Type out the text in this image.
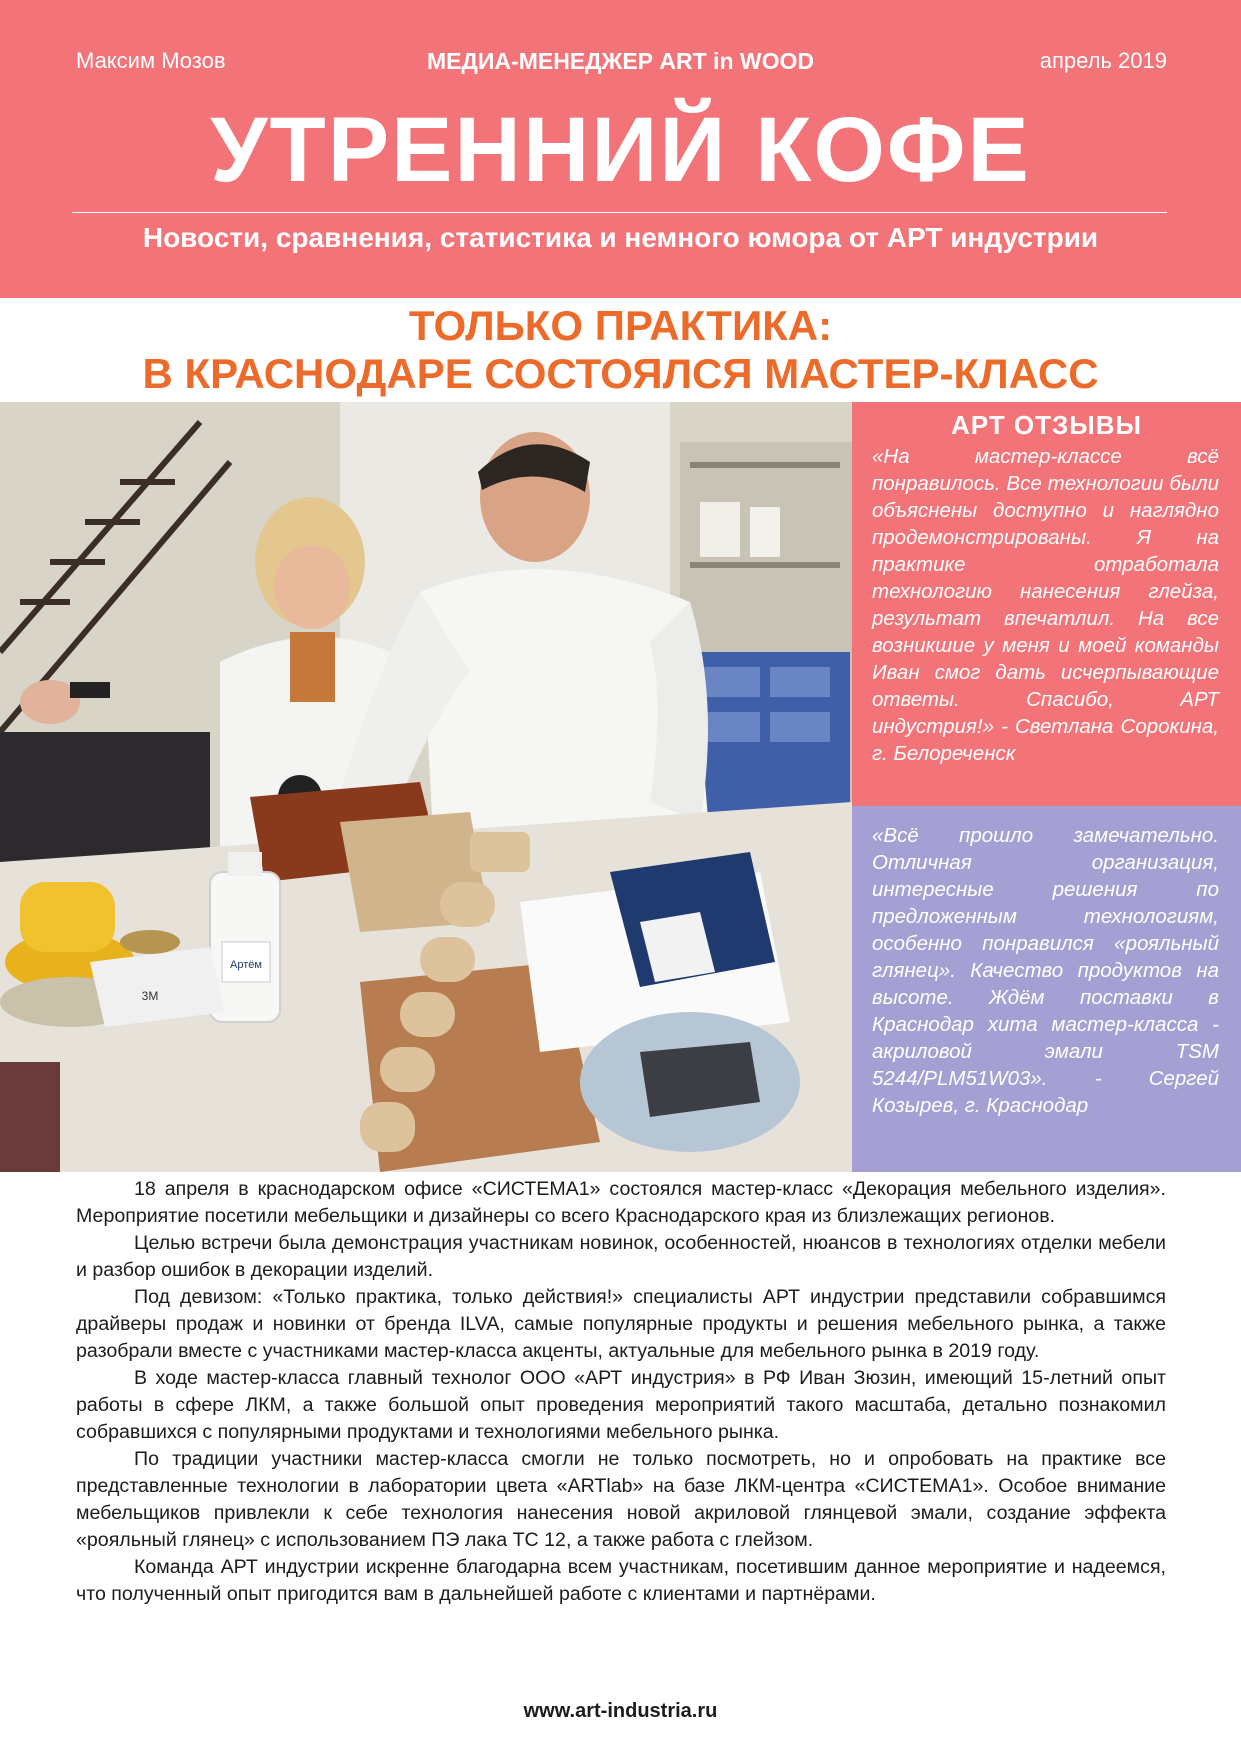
Максим Мозов	МЕДИА-МЕНЕДЖЕР ART in WOOD	апрель 2019
УТРЕННИЙ КОФЕ
Новости, сравнения, статистика и немного юмора от АРТ индустрии
ТОЛЬКО ПРАКТИКА:
В КРАСНОДАРЕ СОСТОЯЛСЯ МАСТЕР-КЛАСС
Артём
3M
АРТ ОТЗЫВЫ
«На мастер-классе всё понравилось. Все технологии были объяснены доступно и наглядно продемонстрированы. Я на практике отработала технологию нанесения глейза, результат впечатлил. На все возникшие у меня и моей команды Иван смог дать исчерпывающие ответы. Спасибо, АРТ индустрия!» - Светлана Сорокина, г. Белореченск
«Всё прошло замечательно. Отличная организация, интересные решения по предложенным технологиям, особенно понравился «рояльный глянец». Качество продуктов на высоте. Ждём поставки в Краснодар хита мастер-класса - акриловой эмали TSM 5244/PLM51W03». - Сергей Козырев, г. Краснодар

18 апреля в краснодарском офисе «СИСТЕМА1» состоялся мастер-класс «Декорация мебельного изделия». Мероприятие посетили мебельщики и дизайнеры со всего Краснодарского края из близлежащих регионов.

Целью встречи была демонстрация участникам новинок, особенностей, нюансов в технологиях отделки мебели и разбор ошибок в декорации изделий.

Под девизом: «Только практика, только действия!» специалисты АРТ индустрии представили собравшимся драйверы продаж и новинки от бренда ILVA, самые популярные продукты и решения мебельного рынка, а также разобрали вместе с участниками мастер-класса акценты, актуальные для мебельного рынка в 2019 году.

В ходе мастер-класса главный технолог ООО «АРТ индустрия» в РФ Иван Зюзин, имеющий 15-летний опыт работы в сфере ЛКМ, а также большой опыт проведения мероприятий такого масштаба, детально познакомил собравшихся с популярными продуктами и технологиями мебельного рынка.

По традиции участники мастер-класса смогли не только посмотреть, но и опробовать на практике все представленные технологии в лаборатории цвета «ARTlab» на базе ЛКМ-центра «СИСТЕМА1». Особое внимание мебельщиков привлекли к себе технология нанесения новой акриловой глянцевой эмали, создание эффекта «рояльный глянец» с использованием ПЭ лака ТС 12, а также работа с глейзом.

Команда АРТ индустрии искренне благодарна всем участникам, посетившим данное мероприятие и надеемся, что полученный опыт пригодится вам в дальнейшей работе с клиентами и партнёрами.

www.art-industria.ru
